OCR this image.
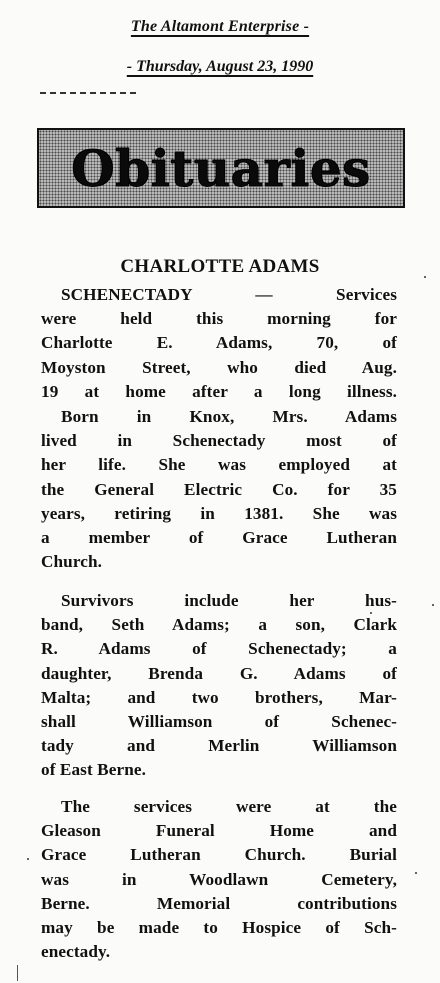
The Altamont Enterprise -
- Thursday, August 23, 1990
Obituaries
CHARLOTTE ADAMS
SCHENECTADY — Services
were held this morning for
Charlotte E. Adams, 70, of
Moyston Street, who died Aug.
19 at home after a long illness.
Born in Knox, Mrs. Adams
lived in Schenectady most of
her life. She was employed at
the General Electric Co. for 35
years, retiring in 1381. She was
a member of Grace Lutheran
Church.
Survivors include her hus-
band, Seth Adams; a son, Clark
R. Adams of Schenectady; a
daughter, Brenda G. Adams of
Malta; and two brothers, Mar-
shall Williamson of Schenec-
tady and Merlin Williamson
of East Berne.
The services were at the
Gleason Funeral Home and
Grace Lutheran Church. Burial
was in Woodlawn Cemetery,
Berne. Memorial contributions
may be made to Hospice of Sch-
enectady.
